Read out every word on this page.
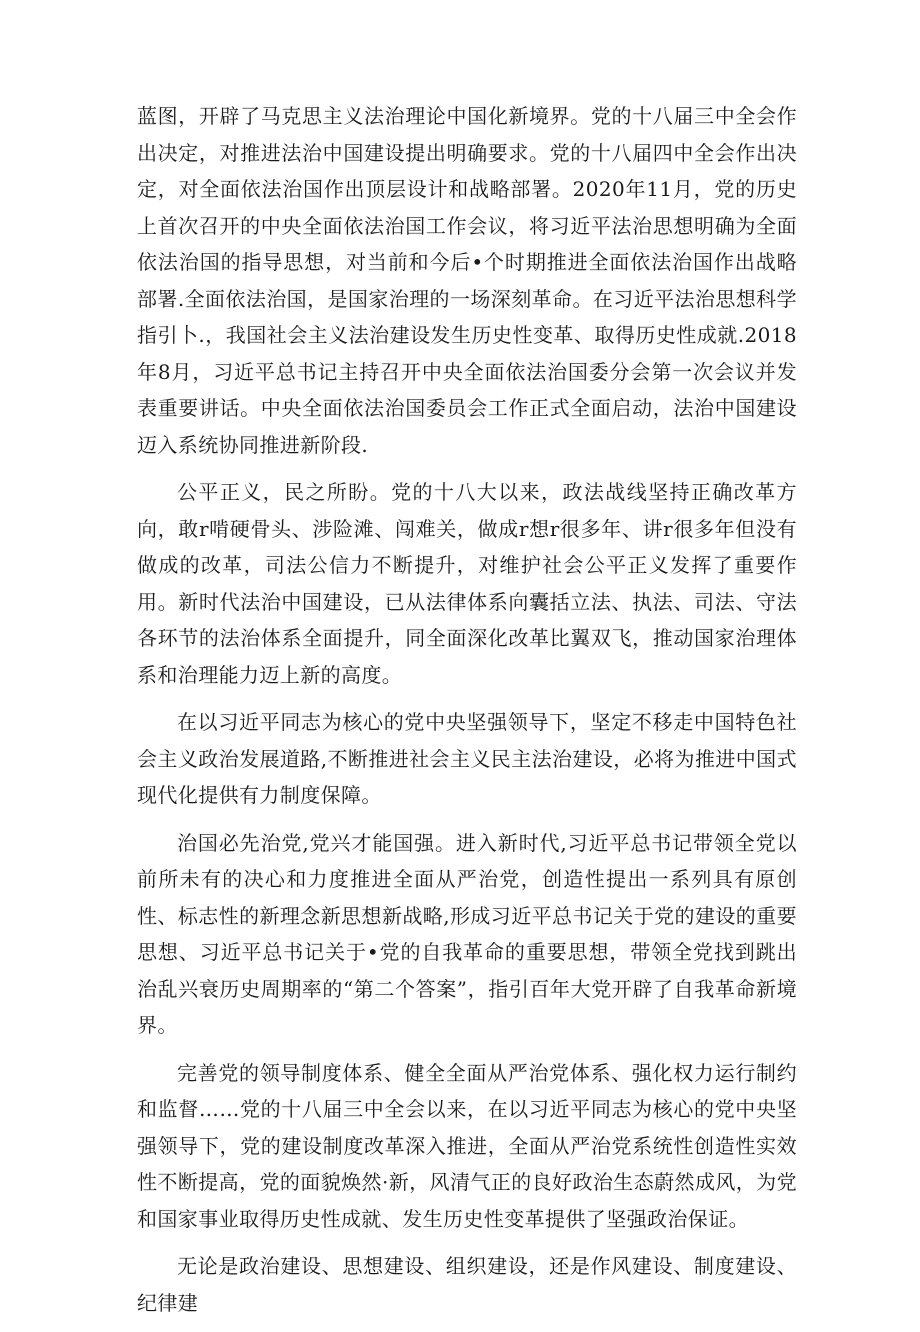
蓝图，开辟了马克思主义法治理论中国化新境界。党的十八届三中全会作出决定，对推进法治中国建设提出明确要求。党的十八届四中全会作出决定，对全面依法治国作出顶层设计和战略部署。2020年11月，党的历史上首次召开的中央全面依法治国工作会议，将习近平法治思想明确为全面依法治国的指导思想，对当前和今后•个时期推进全面依法治国作出战略部署.全面依法治国，是国家治理的一场深刻革命。在习近平法治思想科学指引卜.，我国社会主义法治建设发生历史性变革、取得历史性成就.2018年8月，习近平总书记主持召开中央全面依法治国委分会第一次会议并发表重要讲话。中央全面依法治国委员会工作正式全面启动，法治中国建设迈入系统协同推进新阶段.

公平正义，民之所盼。党的十八大以来，政法战线坚持正确改革方向，敢r啃硬骨头、涉险滩、闯难关，做成r想r很多年、讲r很多年但没有做成的改革，司法公信力不断提升，对维护社会公平正义发挥了重要作用。新时代法治中国建设，已从法律体系向囊括立法、执法、司法、守法各环节的法治体系全面提升，同全面深化改革比翼双飞，推动国家治理体系和治理能力迈上新的高度。

在以习近平同志为核心的党中央坚强领导下，坚定不移走中国特色社会主义政治发展道路,不断推进社会主义民主法治建设，必将为推进中国式现代化提供有力制度保障。

治国必先治党,党兴才能国强。进入新时代,习近平总书记带领全党以前所未有的决心和力度推进全面从严治党，创造性提出一系列具有原创性、标志性的新理念新思想新战略,形成习近平总书记关于党的建设的重要思想、习近平总书记关于•党的自我革命的重要思想，带领全党找到跳出治乱兴衰历史周期率的“第二个答案”，指引百年大党开辟了自我革命新境界。

完善党的领导制度体系、健全全面从严治党体系、强化权力运行制约和监督……党的十八届三中全会以来，在以习近平同志为核心的党中央坚强领导下，党的建设制度改革深入推进，全面从严治党系统性创造性实效性不断提高，党的面貌焕然·新，风清气正的良好政治生态蔚然成风，为党和国家事业取得历史性成就、发生历史性变革提供了坚强政治保证。

无论是政治建设、思想建设、组织建设，还是作风建设、制度建设、纪律建
